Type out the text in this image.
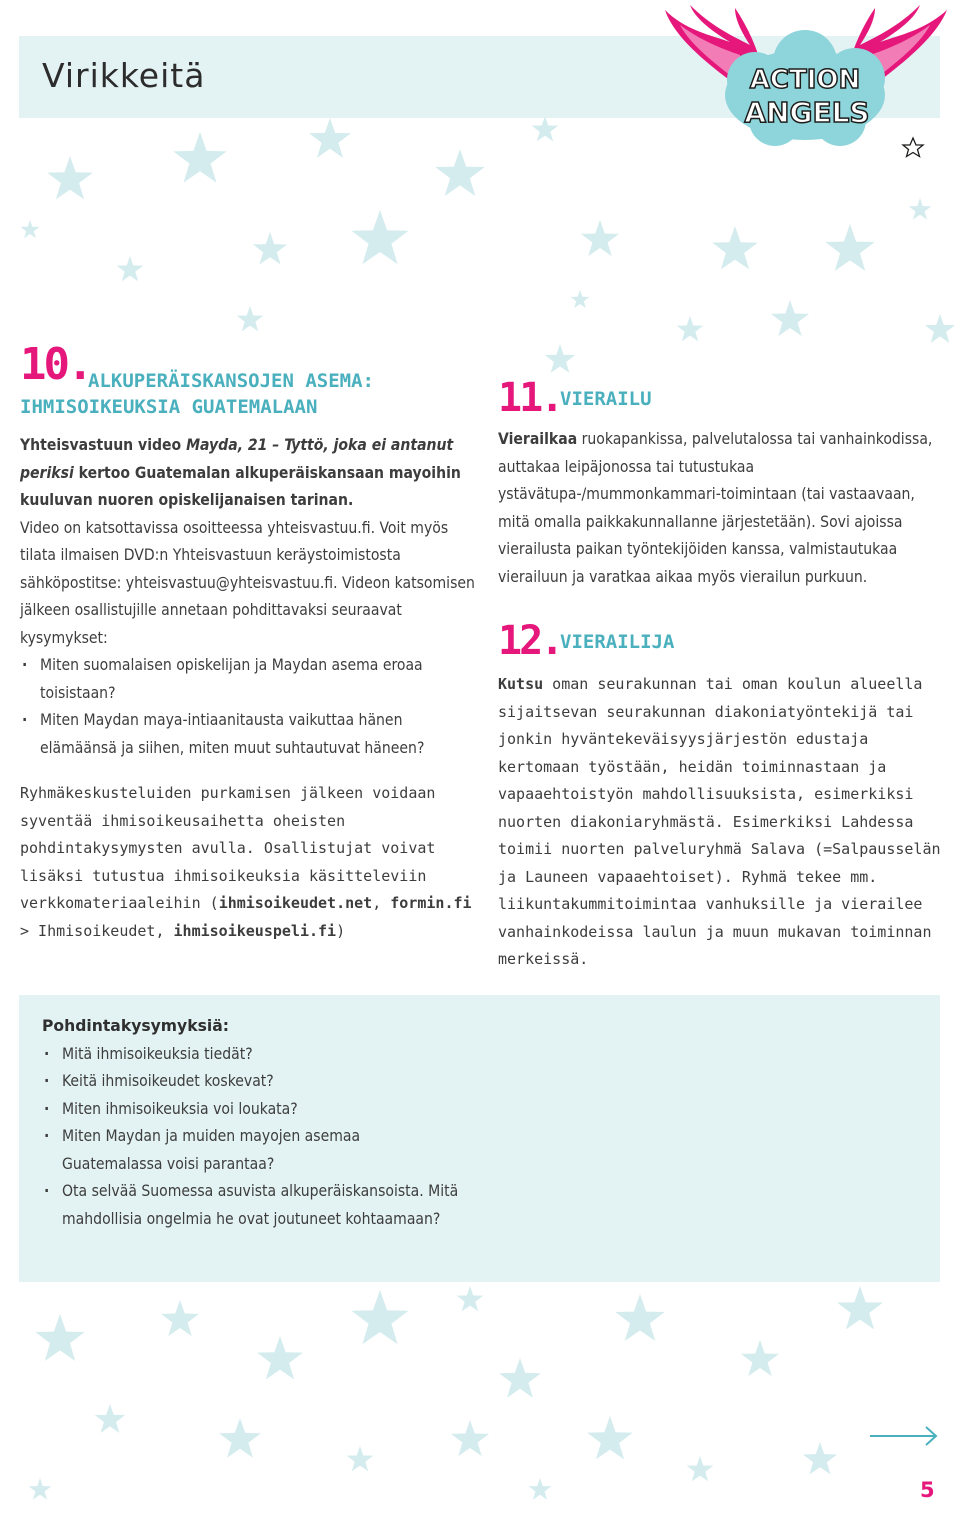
Virikkeitä	ACTION
ANGELS
10.
ALKUPERÄISKANSOJEN ASEMA:
IHMISOIKEUKSIA GUATEMALAAN

Yhteisvastuun video Mayda, 21 – Tyttö, joka ei antanut periksi kertoo Guatemalan alkuperäiskansaan mayoihin kuuluvan nuoren opiskelijanaisen tarinan.

Video on katsottavissa osoitteessa yhteisvastuu.fi. Voit myös tilata ilmaisen DVD:n Yhteisvastuun keräystoimistosta sähköpostitse: yhteisvastuu@yhteisvastuu.fi. Videon katsomisen jälkeen osallistujille annetaan pohdittavaksi seuraavat kysymykset:

· Miten suomalaisen opiskelijan ja Maydan asema eroaa toisistaan?
· Miten Maydan maya-intiaanitausta vaikuttaa hänen elämäänsä ja siihen, miten muut suhtautuvat häneen?

Ryhmäkeskusteluiden purkamisen jälkeen voidaan syventää ihmisoikeusaihetta oheisten pohdintakysymysten avulla. Osallistujat voivat lisäksi tutustua ihmisoikeuksia käsitteleviin verkkomateriaaleihin (ihmisoikeudet.net, formin.fi > Ihmisoikeudet, ihmisoikeuspeli.fi)

11.
VIERAILU

Vierailkaa ruokapankissa, palvelutalossa tai vanhainkodissa, auttakaa leipäjonossa tai tutustukaa ystävätupa-/mummonkammari-toimintaan (tai vastaavaan, mitä omalla paikkakunnallanne järjestetään). Sovi ajoissa vierailusta paikan työntekijöiden kanssa, valmistautukaa vierailuun ja varatkaa aikaa myös vierailun purkuun.

12.
VIERAILIJA

Kutsu oman seurakunnan tai oman koulun alueella sijaitsevan seurakunnan diakoniatyöntekijä tai jonkin hyväntekeväisyysjärjestön edustaja kertomaan työstään, heidän toiminnastaan ja vapaaehtoistyön mahdollisuuksista, esimerkiksi nuorten diakoniaryhmästä. Esimerkiksi Lahdessa toimii nuorten palveluryhmä Salava (=Salpausselän ja Launeen vapaaehtoiset). Ryhmä tekee mm. liikuntakummitoimintaa vanhuksille ja vierailee vanhainkodeissa laulun ja muun mukavan toiminnan merkeissä.

Pohdintakysymyksiä:

· Mitä ihmisoikeuksia tiedät?
· Keitä ihmisoikeudet koskevat?
· Miten ihmisoikeuksia voi loukata?
· Miten Maydan ja muiden mayojen asemaa Guatemalassa voisi parantaa?
· Ota selvää Suomessa asuvista alkuperäiskansoista. Mitä mahdollisia ongelmia he ovat joutuneet kohtaamaan?
5
